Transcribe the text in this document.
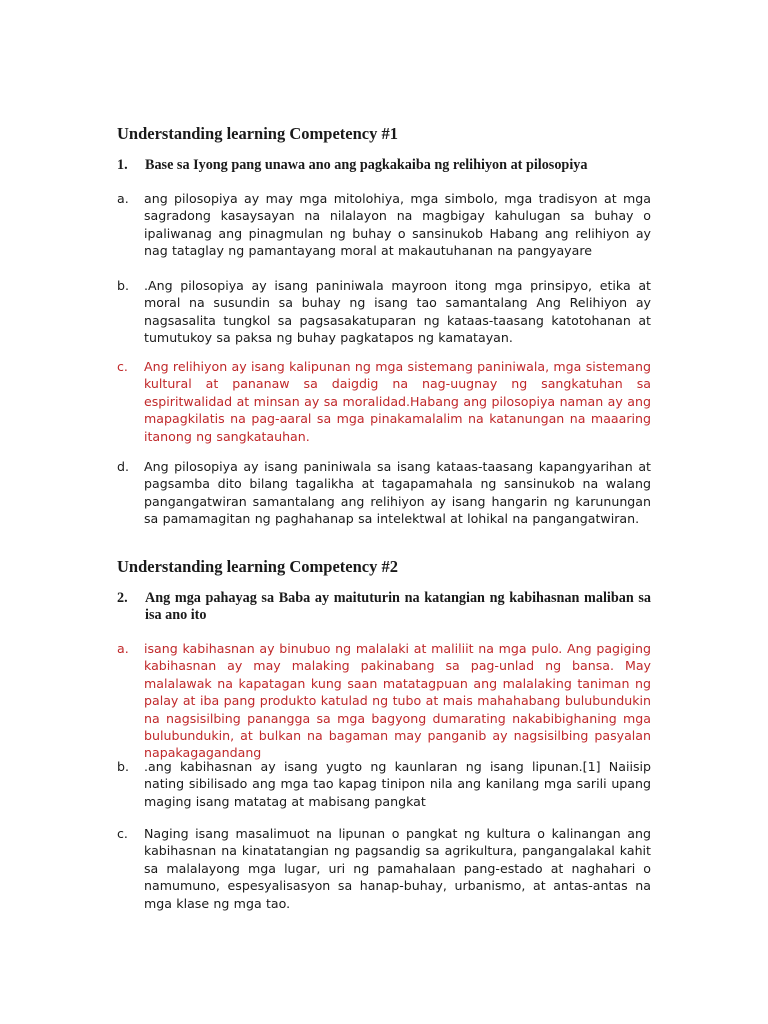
Understanding learning Competency #1
1.	Base sa Iyong pang unawa ano ang pagkakaiba ng relihiyon at pilosopiya
a.	ang pilosopiya ay may mga mitolohiya, mga simbolo, mga tradisyon at mga sagradong kasaysayan na nilalayon na magbigay kahulugan sa buhay o ipaliwanag ang pinagmulan ng buhay o sansinukob Habang ang relihiyon ay nag tataglay ng pamantayang moral at makautuhanan na pangyayare
b.	.Ang pilosopiya ay isang paniniwala mayroon itong mga prinsipyo, etika at moral na susundin sa buhay ng isang tao samantalang Ang Relihiyon ay nagsasalita tungkol sa pagsasakatuparan ng kataas-taasang katotohanan at tumutukoy sa paksa ng buhay pagkatapos ng kamatayan.
c.	Ang relihiyon ay isang kalipunan ng mga sistemang paniniwala, mga sistemang kultural at pananaw sa daigdig na nag-uugnay ng sangkatuhan sa espiritwalidad at minsan ay sa moralidad.Habang ang pilosopiya naman ay ang mapagkilatis na pag-aaral sa mga pinakamalalim na katanungan na maaaring itanong ng sangkatauhan.
d.	Ang pilosopiya ay isang paniniwala sa isang kataas-taasang kapangyarihan at pagsamba dito bilang tagalikha at tagapamahala ng sansinukob na walang pangangatwiran samantalang ang relihiyon ay isang hangarin ng karunungan sa pamamagitan ng paghahanap sa intelektwal at lohikal na pangangatwiran.
Understanding learning Competency #2
2.	Ang mga pahayag sa Baba ay maituturin na katangian ng kabihasnan maliban sa isa ano ito
a.	isang kabihasnan ay binubuo ng malalaki at maliliit na mga pulo. Ang pagiging kabihasnan ay may malaking pakinabang sa pag-unlad ng bansa. May malalawak na kapatagan kung saan matatagpuan ang malalaking taniman ng palay at iba pang produkto katulad ng tubo at mais mahahabang bulubundukin na nagsisilbing panangga sa mga bagyong dumarating nakabibighaning mga bulubundukin, at bulkan na bagaman may panganib ay nagsisilbing pasyalan napakagagandang
b.	.ang kabihasnan ay isang yugto ng kaunlaran ng isang lipunan.[1] Naiisip nating sibilisado ang mga tao kapag tinipon nila ang kanilang mga sarili upang maging isang matatag at mabisang pangkat
c.	Naging isang masalimuot na lipunan o pangkat ng kultura o kalinangan ang kabihasnan na kinatatangian ng pagsandig sa agrikultura, pangangalakal kahit sa malalayong mga lugar, uri ng pamahalaan pang-estado at naghahari o namumuno, espesyalisasyon sa hanap-buhay, urbanismo, at antas-antas na mga klase ng mga tao.
